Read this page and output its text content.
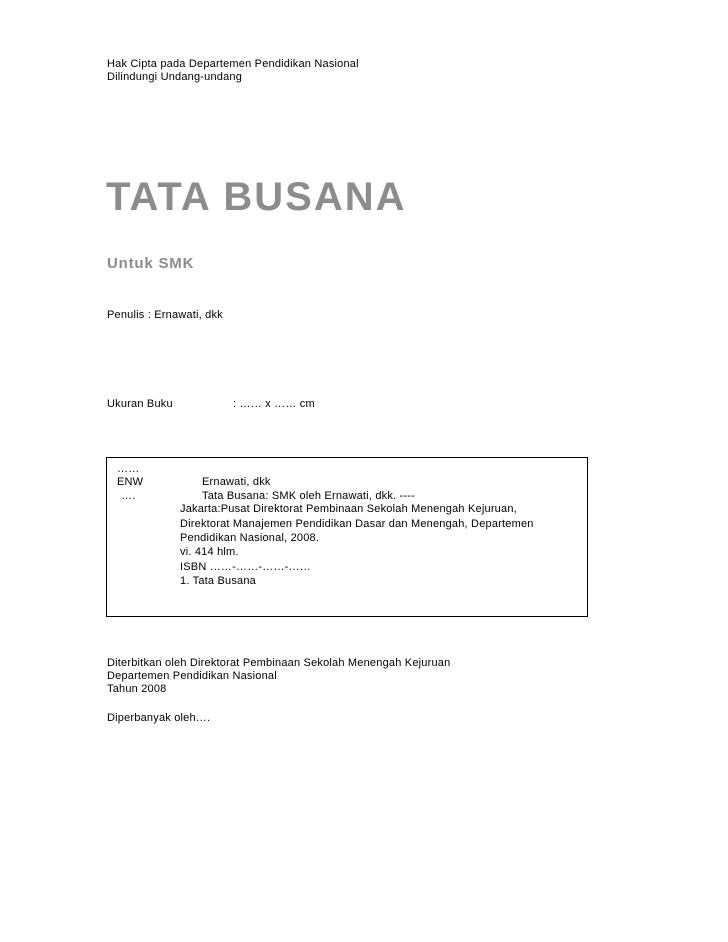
Hak Cipta pada Departemen Pendidikan Nasional
Dilindungi Undang-undang
TATA BUSANA
Untuk SMK
Penulis : Ernawati, dkk
Ukuran Buku	: …… x …… cm
……
ENW
….
Ernawati, dkk
Tata Busana: SMK oleh Ernawati, dkk. ----
Jakarta:Pusat Direktorat Pembinaan Sekolah Menengah Kejuruan,
Direktorat Manajemen Pendidikan Dasar dan Menengah, Departemen
Pendidikan Nasional, 2008.
vi. 414 hlm.
ISBN ……-……-……-……
1. Tata Busana
Diterbitkan oleh Direktorat Pembinaan Sekolah Menengah Kejuruan
Departemen Pendidikan Nasional
Tahun 2008
Diperbanyak oleh….
